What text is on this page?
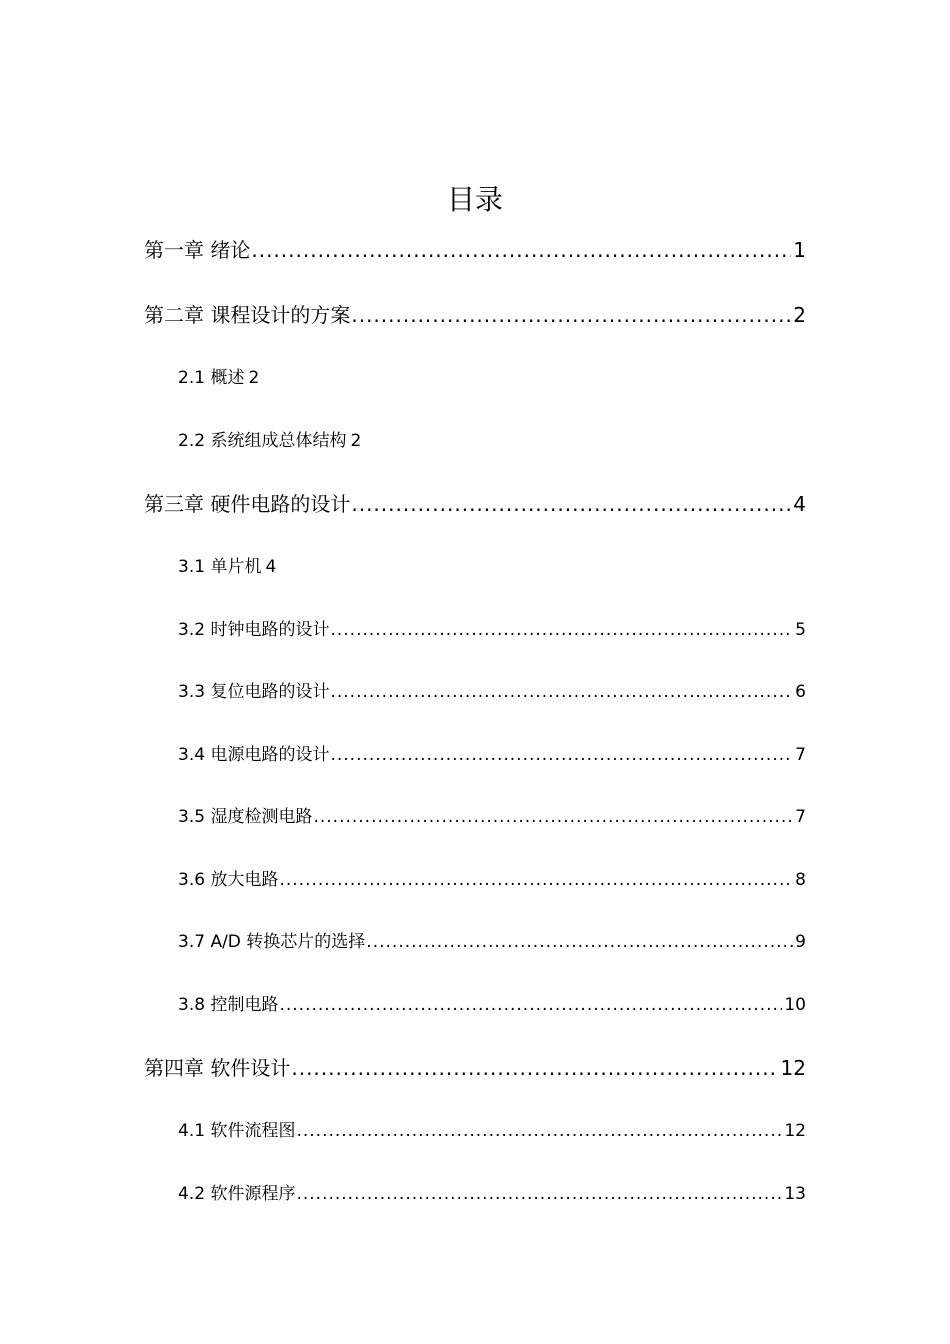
目录
第一章 绪论 .....	1
第二章 课程设计的方案 .....	2
2.1 概述 2
2.2 系统组成总体结构 2
第三章 硬件电路的设计 .....	4
3.1 单片机 4
3.2 时钟电路的设计 .....	5
3.3 复位电路的设计 .....	6
3.4 电源电路的设计 .....	7
3.5 湿度检测电路 .....	7
3.6 放大电路 .....	8
3.7 A/D 转换芯片的选择 .....	9
3.8 控制电路 .....	10
第四章 软件设计 .....	12
4.1 软件流程图 .....	12
4.2 软件源程序 .....	13
